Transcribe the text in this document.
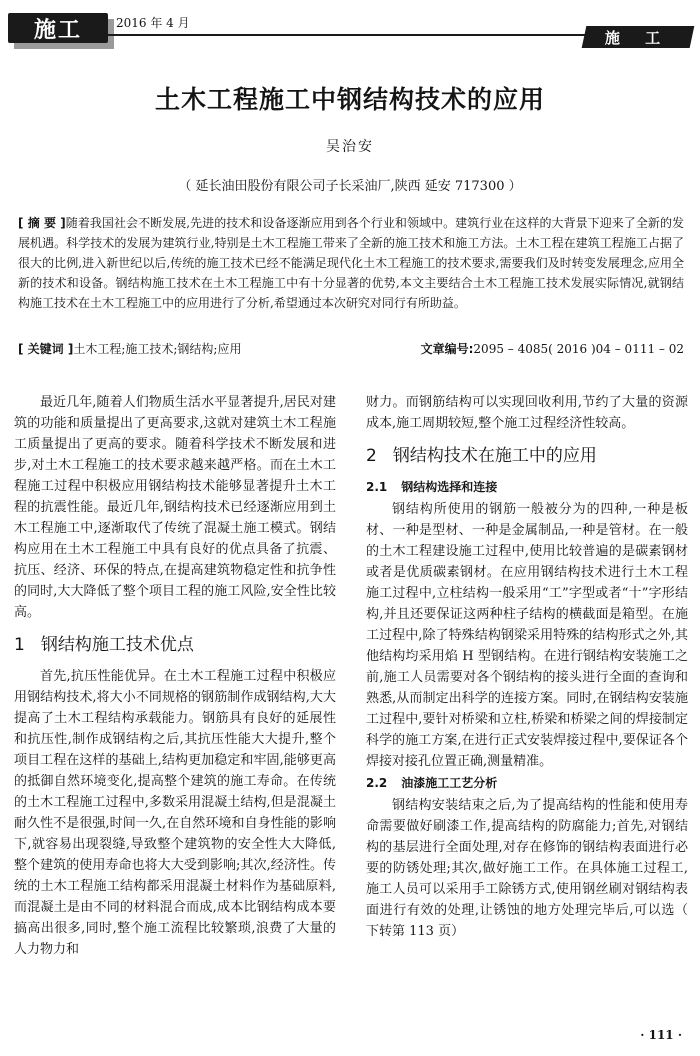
施工	2016 年 4 月
施 工
土木工程施工中钢结构技术的应用
吴治安
（ 延长油田股份有限公司子长采油厂,陕西 延安 717300 ）
[ 摘 要 ]随着我国社会不断发展,先进的技术和设备逐渐应用到各个行业和领域中。建筑行业在这样的大背景下迎来了全新的发展机遇。科学技术的发展为建筑行业,特别是土木工程施工带来了全新的施工技术和施工方法。土木工程在建筑工程施工占据了很大的比例,进入新世纪以后,传统的施工技术已经不能满足现代化土木工程施工的技术要求,需要我们及时转变发展理念,应用全新的技术和设备。钢结构施工技术在土木工程施工中有十分显著的优势,本文主要结合土木工程施工技术发展实际情况,就钢结构施工技术在土木工程施工中的应用进行了分析,希望通过本次研究对同行有所助益。
[ 关键词 ]土木工程;施工技术;钢结构;应用	文章编号:2095 – 4085( 2016 )04 – 0111 – 02

最近几年,随着人们物质生活水平显著提升,居民对建筑的功能和质量提出了更高要求,这就对建筑土木工程施工质量提出了更高的要求。随着科学技术不断发展和进步,对土木工程施工的技术要求越来越严格。而在土木工程施工过程中积极应用钢结构技术能够显著提升土木工程的抗震性能。最近几年,钢结构技术已经逐渐应用到土木工程施工中,逐渐取代了传统了混凝土施工模式。钢结构应用在土木工程施工中具有良好的优点具备了抗震、抗压、经济、环保的特点,在提高建筑物稳定性和抗争性的同时,大大降低了整个项目工程的施工风险,安全性比较高。

1 钢结构施工技术优点

首先,抗压性能优异。在土木工程施工过程中积极应用钢结构技术,将大小不同规格的钢筋制作成钢结构,大大提高了土木工程结构承载能力。钢筋具有良好的延展性和抗压性,制作成钢结构之后,其抗压性能大大提升,整个项目工程在这样的基础上,结构更加稳定和牢固,能够更高的抵御自然环境变化,提高整个建筑的施工寿命。在传统的土木工程施工过程中,多数采用混凝土结构,但是混凝土耐久性不是很强,时间一久,在自然环境和自身性能的影响下,就容易出现裂缝,导致整个建筑物的安全性大大降低,整个建筑的使用寿命也将大大受到影响;其次,经济性。传统的土木工程施工结构都采用混凝土材料作为基础原料,而混凝土是由不同的材料混合而成,成本比钢结构成本要搞高出很多,同时,整个施工流程比较繁琐,浪费了大量的人力物力和

财力。而钢筋结构可以实现回收利用,节约了大量的资源成本,施工周期较短,整个施工过程经济性较高。

2 钢结构技术在施工中的应用
2.1 钢结构选择和连接

钢结构所使用的钢筋一般被分为的四种,一种是板材、一种是型材、一种是金属制品,一种是管材。在一般的土木工程建设施工过程中,使用比较普遍的是碳素钢材或者是优质碳素钢材。在应用钢结构技术进行土木工程施工过程中,立柱结构一般采用“工”字型或者“十”字形结构,并且还要保证这两种柱子结构的横截面是箱型。在施工过程中,除了特殊结构钢梁采用特殊的结构形式之外,其他结构均采用焰 H 型钢结构。在进行钢结构安装施工之前,施工人员需要对各个钢结构的接头进行全面的查询和熟悉,从而制定出科学的连接方案。同时,在钢结构安装施工过程中,要针对桥梁和立柱,桥梁和桥梁之间的焊接制定科学的施工方案,在进行正式安装焊接过程中,要保证各个焊接对接孔位置正确,测量精准。

2.2 油漆施工工艺分析

钢结构安装结束之后,为了提高结构的性能和使用寿命需要做好刷漆工作,提高结构的防腐能力;首先,对钢结构的基层进行全面处理,对存在修饰的钢结构表面进行必要的防锈处理;其次,做好施工工作。在具体施工过程工,施工人员可以采用手工除锈方式,使用钢丝刷对钢结构表面进行有效的处理,让锈蚀的地方处理完毕后,可以选（ 下转第 113 页）

· 111 ·
